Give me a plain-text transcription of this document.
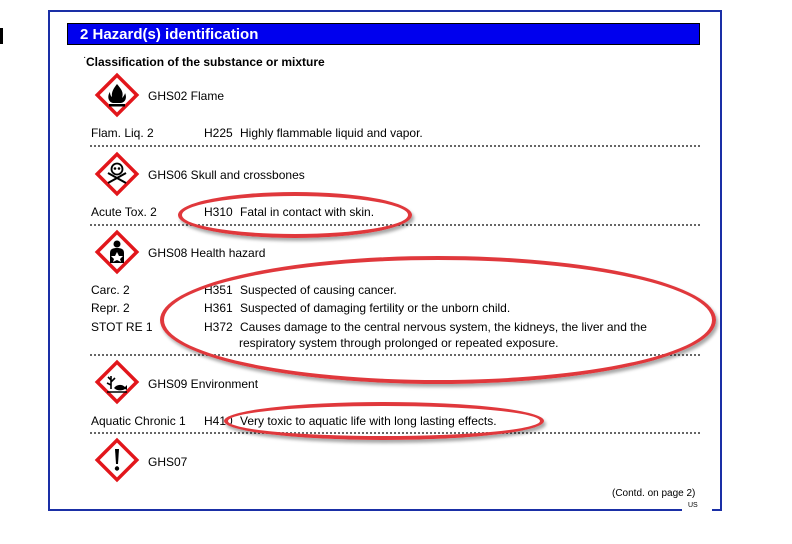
US
2 Hazard(s) identification
· Classification of the substance or mixture
GHS02 Flame
Flam. Liq. 2	H225 Highly flammable liquid and vapor.
GHS06 Skull and crossbones
Acute Tox. 2	H310 Fatal in contact with skin.
GHS08 Health hazard
Carc. 2	H351 Suspected of causing cancer.
Repr. 2	H361 Suspected of damaging fertility or the unborn child.
STOT RE 1	H372 Causes damage to the central nervous system, the kidneys, the liver and the
respiratory system through prolonged or repeated exposure.
GHS09 Environment
Aquatic Chronic 1 H410 Very toxic to aquatic life with long lasting effects.
GHS07
(Contd. on page 2)
